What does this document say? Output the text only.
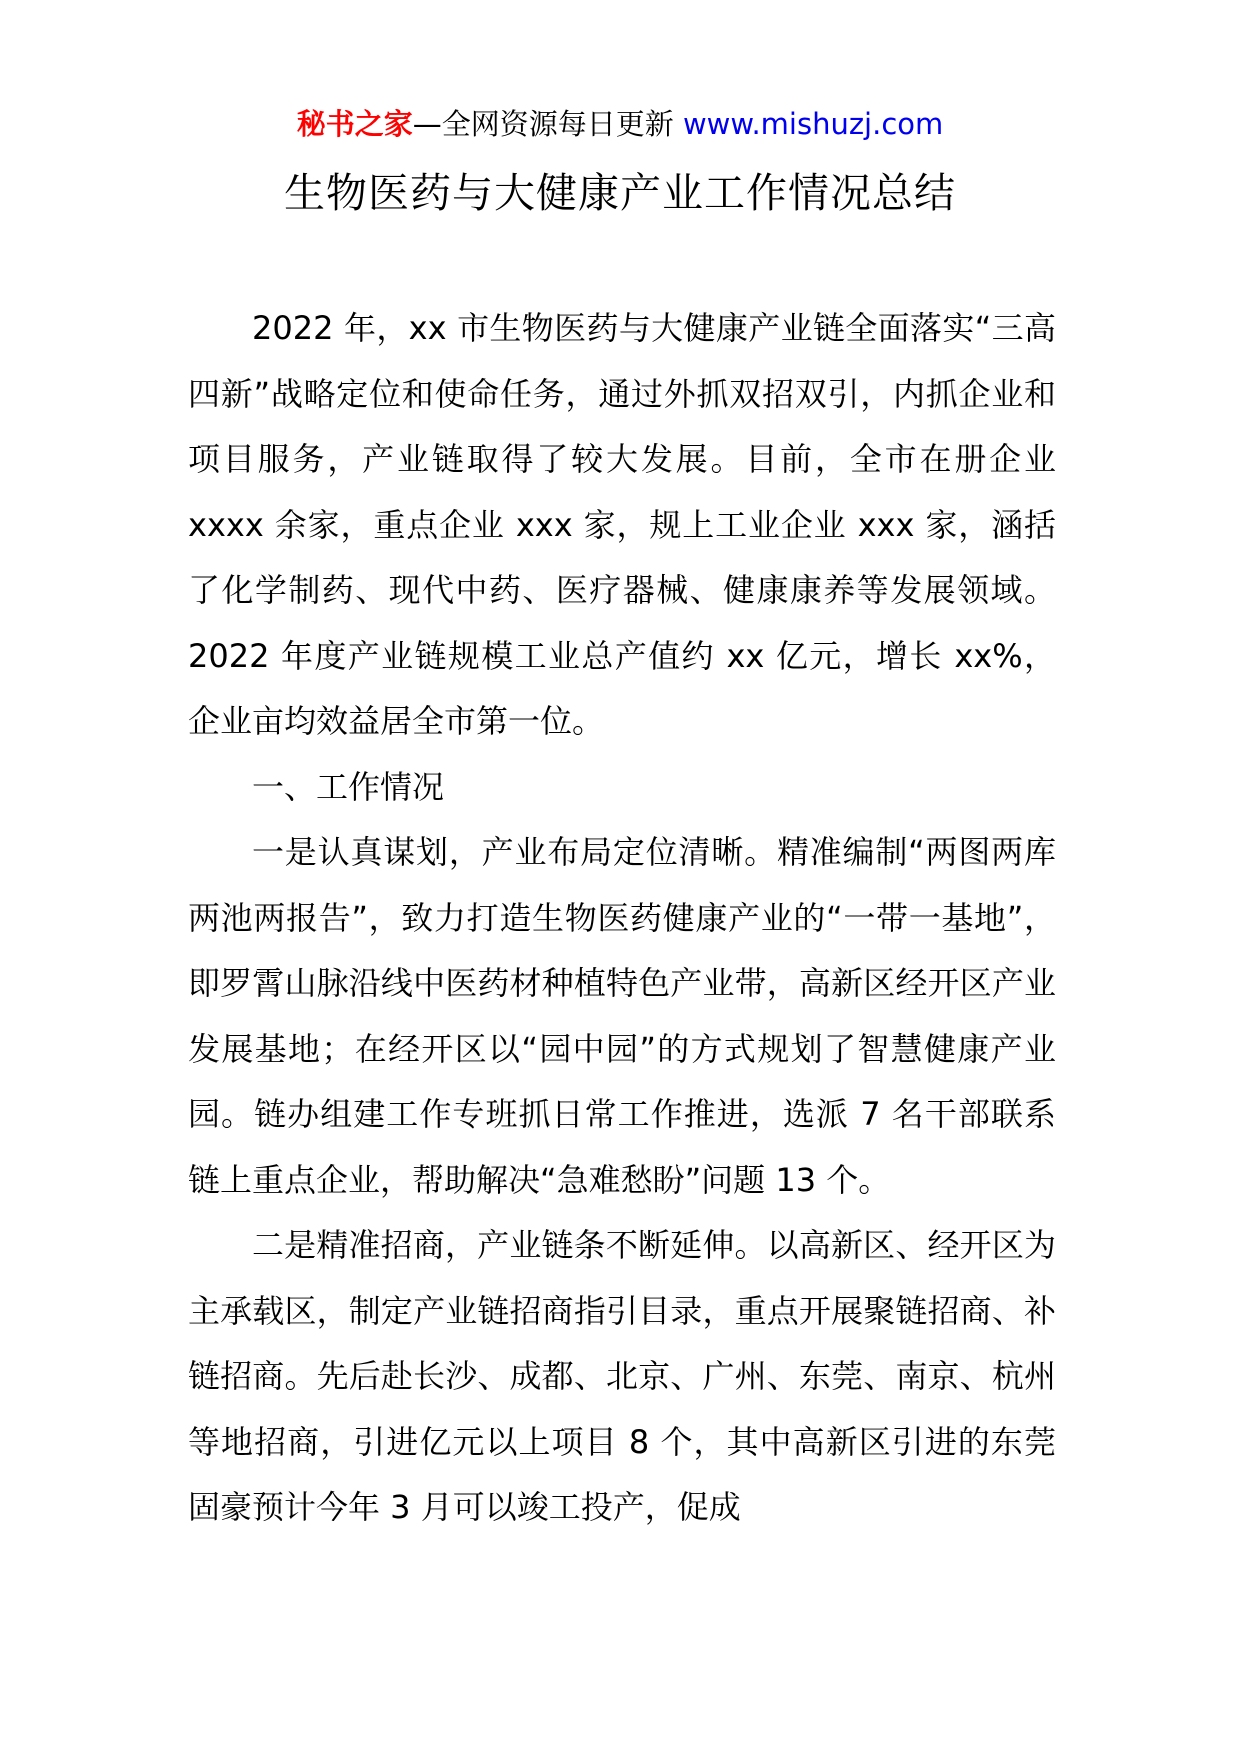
秘书之家—全网资源每日更新 www.mishuzj.com
生物医药与大健康产业工作情况总结

2022 年，xx 市生物医药与大健康产业链全面落实“三高四新”战略定位和使命任务，通过外抓双招双引，内抓企业和项目服务，产业链取得了较大发展。目前，全市在册企业 xxxx 余家，重点企业 xxx 家，规上工业企业 xxx 家，涵括了化学制药、现代中药、医疗器械、健康康养等发展领域。2022 年度产业链规模工业总产值约 xx 亿元，增长 xx%，企业亩均效益居全市第一位。

一、工作情况

一是认真谋划，产业布局定位清晰。精准编制“两图两库两池两报告”，致力打造生物医药健康产业的“一带一基地”，即罗霄山脉沿线中医药材种植特色产业带，高新区经开区产业发展基地；在经开区以“园中园”的方式规划了智慧健康产业园。链办组建工作专班抓日常工作推进，选派 7 名干部联系链上重点企业，帮助解决“急难愁盼”问题 13 个。

二是精准招商，产业链条不断延伸。以高新区、经开区为主承载区，制定产业链招商指引目录，重点开展聚链招商、补链招商。先后赴长沙、成都、北京、广州、东莞、南京、杭州等地招商，引进亿元以上项目 8 个，其中高新区引进的东莞固豪预计今年 3 月可以竣工投产，促成
